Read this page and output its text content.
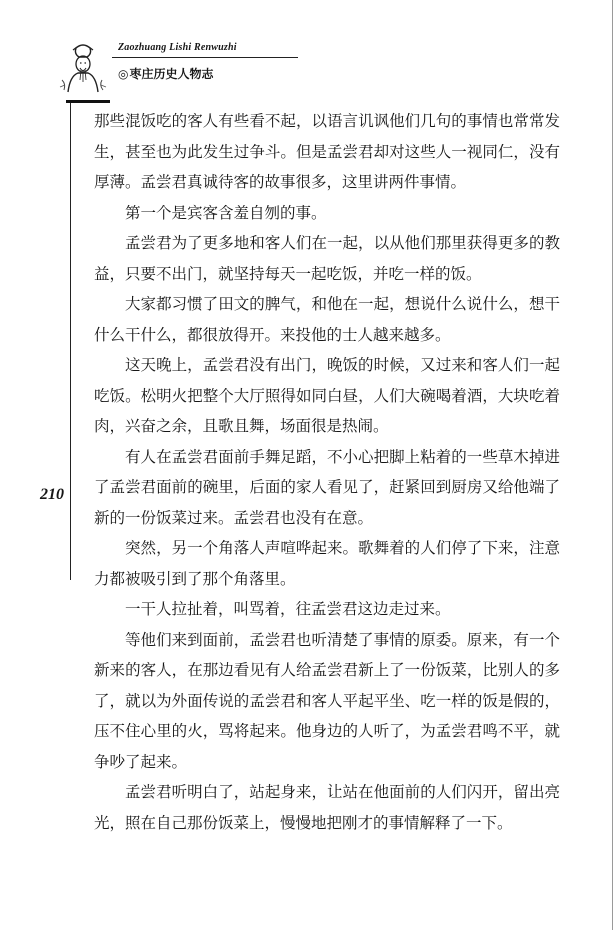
Zaozhuang Lishi Renwuzhi
◎枣庄历史人物志
210

那些混饭吃的客人有些看不起，以语言讥讽他们几句的事情也常常发生，甚至也为此发生过争斗。但是孟尝君却对这些人一视同仁，没有厚薄。孟尝君真诚待客的故事很多，这里讲两件事情。

第一个是宾客含羞自刎的事。

孟尝君为了更多地和客人们在一起，以从他们那里获得更多的教益，只要不出门，就坚持每天一起吃饭，并吃一样的饭。

大家都习惯了田文的脾气，和他在一起，想说什么说什么，想干什么干什么，都很放得开。来投他的士人越来越多。

这天晚上，孟尝君没有出门，晚饭的时候，又过来和客人们一起吃饭。松明火把整个大厅照得如同白昼，人们大碗喝着酒，大块吃着肉，兴奋之余，且歌且舞，场面很是热闹。

有人在孟尝君面前手舞足蹈，不小心把脚上粘着的一些草木掉进了孟尝君面前的碗里，后面的家人看见了，赶紧回到厨房又给他端了新的一份饭菜过来。孟尝君也没有在意。

突然，另一个角落人声喧哗起来。歌舞着的人们停了下来，注意力都被吸引到了那个角落里。

一干人拉扯着，叫骂着，往孟尝君这边走过来。

等他们来到面前，孟尝君也听清楚了事情的原委。原来，有一个新来的客人，在那边看见有人给孟尝君新上了一份饭菜，比别人的多了，就以为外面传说的孟尝君和客人平起平坐、吃一样的饭是假的，压不住心里的火，骂将起来。他身边的人听了，为孟尝君鸣不平，就争吵了起来。

孟尝君听明白了，站起身来，让站在他面前的人们闪开，留出亮光，照在自己那份饭菜上，慢慢地把刚才的事情解释了一下。
